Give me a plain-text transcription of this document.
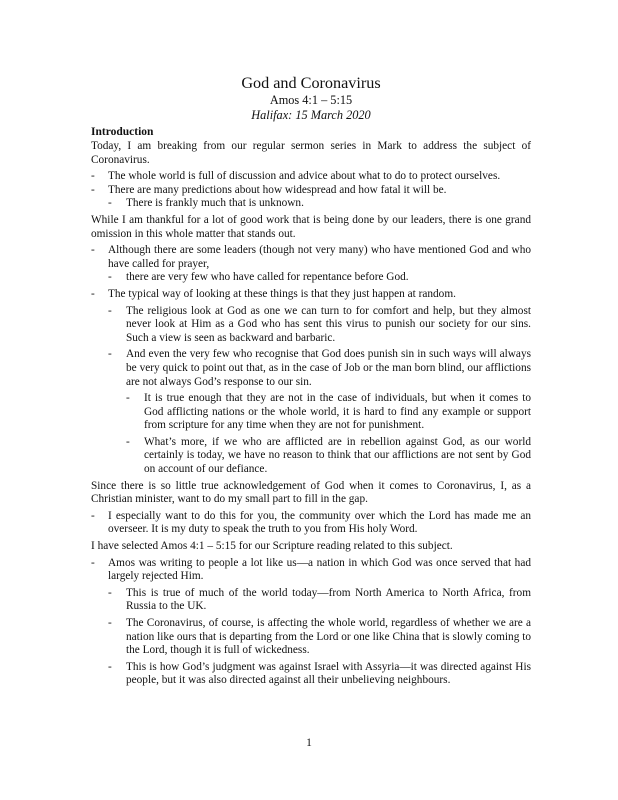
God and Coronavirus
Amos 4:1 – 5:15
Halifax: 15 March 2020
Introduction

Today, I am breaking from our regular sermon series in Mark to address the subject of Coronavirus.

- The whole world is full of discussion and advice about what to do to protect ourselves.
- There are many predictions about how widespread and how fatal it will be.
- There is frankly much that is unknown.

While I am thankful for a lot of good work that is being done by our leaders, there is one grand omission in this whole matter that stands out.

- Although there are some leaders (though not very many) who have mentioned God and who have called for prayer,
- there are very few who have called for repentance before God.
- The typical way of looking at these things is that they just happen at random.
- The religious look at God as one we can turn to for comfort and help, but they almost never look at Him as a God who has sent this virus to punish our society for our sins. Such a view is seen as backward and barbaric.
- And even the very few who recognise that God does punish sin in such ways will always be very quick to point out that, as in the case of Job or the man born blind, our afflictions are not always God’s response to our sin.
- It is true enough that they are not in the case of individuals, but when it comes to God afflicting nations or the whole world, it is hard to find any example or support from scripture for any time when they are not for punishment.
- What’s more, if we who are afflicted are in rebellion against God, as our world certainly is today, we have no reason to think that our afflictions are not sent by God on account of our defiance.

Since there is so little true acknowledgement of God when it comes to Coronavirus, I, as a Christian minister, want to do my small part to fill in the gap.

- I especially want to do this for you, the community over which the Lord has made me an overseer. It is my duty to speak the truth to you from His holy Word.

I have selected Amos 4:1 – 5:15 for our Scripture reading related to this subject.

- Amos was writing to people a lot like us—a nation in which God was once served that had largely rejected Him.
- This is true of much of the world today—from North America to North Africa, from Russia to the UK.
- The Coronavirus, of course, is affecting the whole world, regardless of whether we are a nation like ours that is departing from the Lord or one like China that is slowly coming to the Lord, though it is full of wickedness.
- This is how God’s judgment was against Israel with Assyria—it was directed against His people, but it was also directed against all their unbelieving neighbours.
1
